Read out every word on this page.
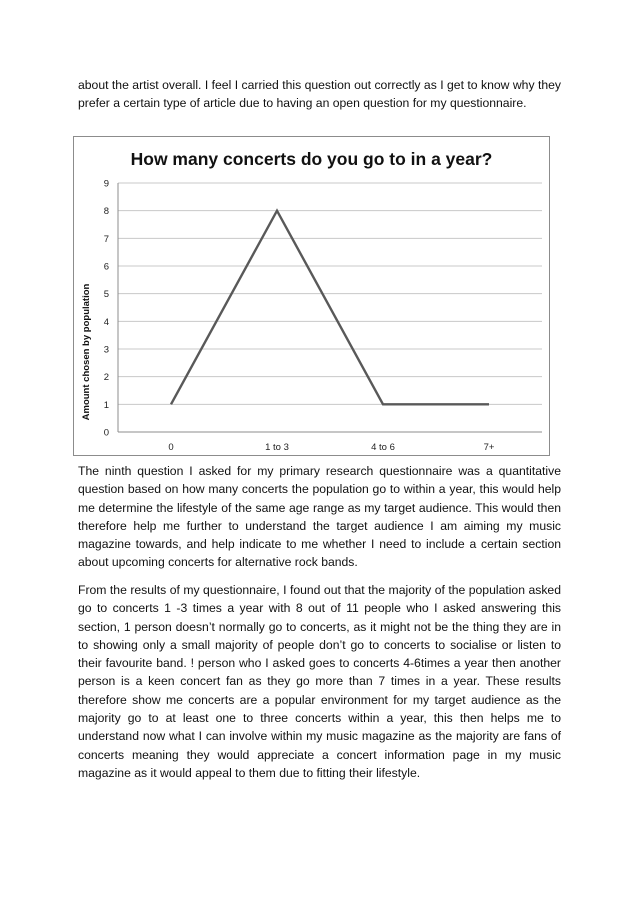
about the artist overall. I feel I carried this question out correctly as I get to know why they prefer a certain type of article due to having an open question for my questionnaire.

How many concerts do you go to in a year?
Amount chosen by population
0
1
2
3
4
5
6
7
8
9
0	1 to 3	4 to 6	7+

The ninth question I asked for my primary research questionnaire was a quantitative question based on how many concerts the population go to within a year, this would help me determine the lifestyle of the same age range as my target audience. This would then therefore help me further to understand the target audience I am aiming my music magazine towards, and help indicate to me whether I need to include a certain section about upcoming concerts for alternative rock bands.

From the results of my questionnaire, I found out that the majority of the population asked go to concerts 1 -3 times a year with 8 out of 11 people who I asked answering this section, 1 person doesn’t normally go to concerts, as it might not be the thing they are in to showing only a small majority of people don’t go to concerts to socialise or listen to their favourite band. ! person who I asked goes to concerts 4-6times a year then another person is a keen concert fan as they go more than 7 times in a year. These results therefore show me concerts are a popular environment for my target audience as the majority go to at least one to three concerts within a year, this then helps me to understand now what I can involve within my music magazine as the majority are fans of concerts meaning they would appreciate a concert information page in my music magazine as it would appeal to them due to fitting their lifestyle.
